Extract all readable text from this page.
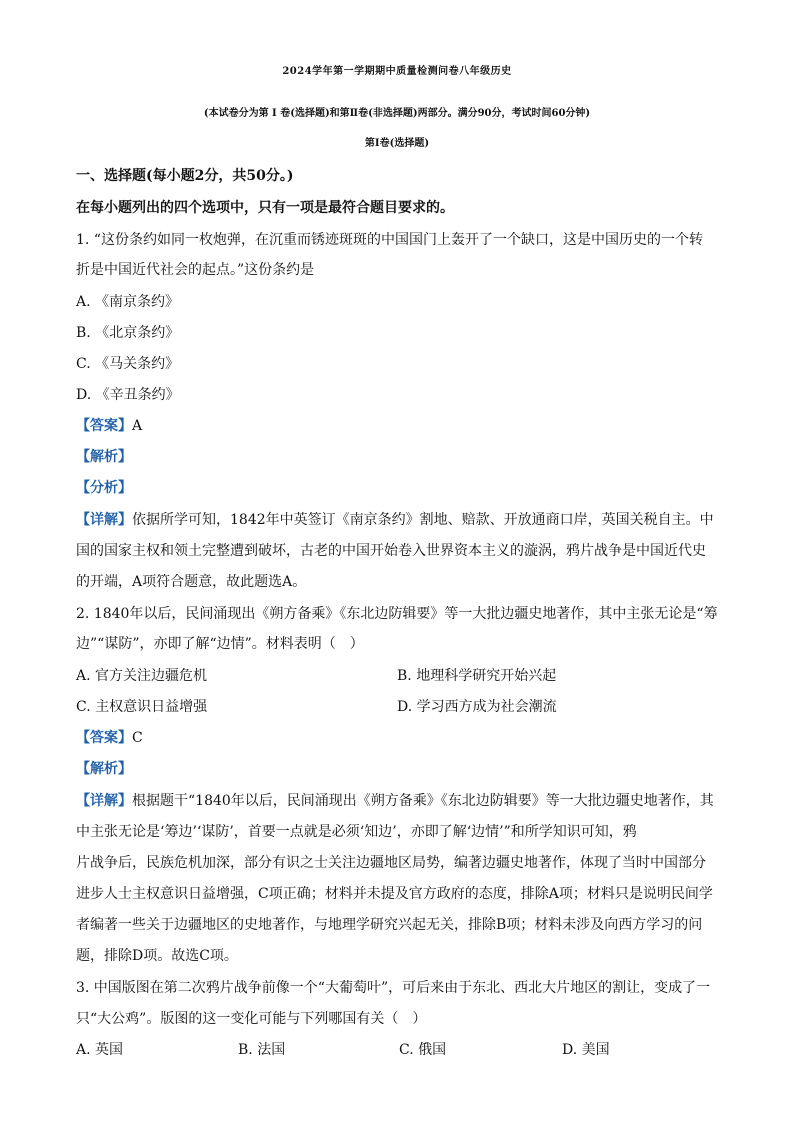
2024学年第一学期期中质量检测问卷八年级历史
(本试卷分为第 Ⅰ 卷(选择题)和第Ⅱ卷(非选择题)两部分。满分90分，考试时间60分钟)
第Ⅰ卷(选择题)
一、选择题(每小题2分，共50分。)
在每小题列出的四个选项中，只有一项是最符合题目要求的。
1. “这份条约如同一枚炮弹，在沉重而锈迹斑斑的中国国门上轰开了一个缺口，这是中国历史的一个转
折是中国近代社会的起点。”这份条约是
A. 《南京条约》
B. 《北京条约》
C. 《马关条约》
D. 《辛丑条约》
【答案】A
【解析】
【分析】
【详解】依据所学可知，1842年中英签订《南京条约》割地、赔款、开放通商口岸，英国关税自主。中
国的国家主权和领土完整遭到破坏，古老的中国开始卷入世界资本主义的漩涡，鸦片战争是中国近代史
的开端，A项符合题意，故此题选A。
2. 1840年以后，民间涌现出《朔方备乘》《东北边防辑要》等一大批边疆史地著作，其中主张无论是“筹
边”“谋防”，亦即了解“边情”。材料表明（　）
A. 官方关注边疆危机	B. 地理科学研究开始兴起
C. 主权意识日益增强	D. 学习西方成为社会潮流
【答案】C
【解析】
【详解】根据题干“1840年以后，民间涌现出《朔方备乘》《东北边防辑要》等一大批边疆史地著作，其
中主张无论是‘筹边’‘谋防’，首要一点就是必须‘知边’，亦即了解‘边情’”和所学知识可知，鸦
片战争后，民族危机加深，部分有识之士关注边疆地区局势，编著边疆史地著作，体现了当时中国部分
进步人士主权意识日益增强，C项正确；材料并未提及官方政府的态度，排除A项；材料只是说明民间学
者编著一些关于边疆地区的史地著作，与地理学研究兴起无关，排除B项；材料未涉及向西方学习的问
题，排除D项。故选C项。
3. 中国版图在第二次鸦片战争前像一个“大葡萄叶”，可后来由于东北、西北大片地区的割让，变成了一
只“大公鸡”。版图的这一变化可能与下列哪国有关（　）
A. 英国	B. 法国	C. 俄国	D. 美国
